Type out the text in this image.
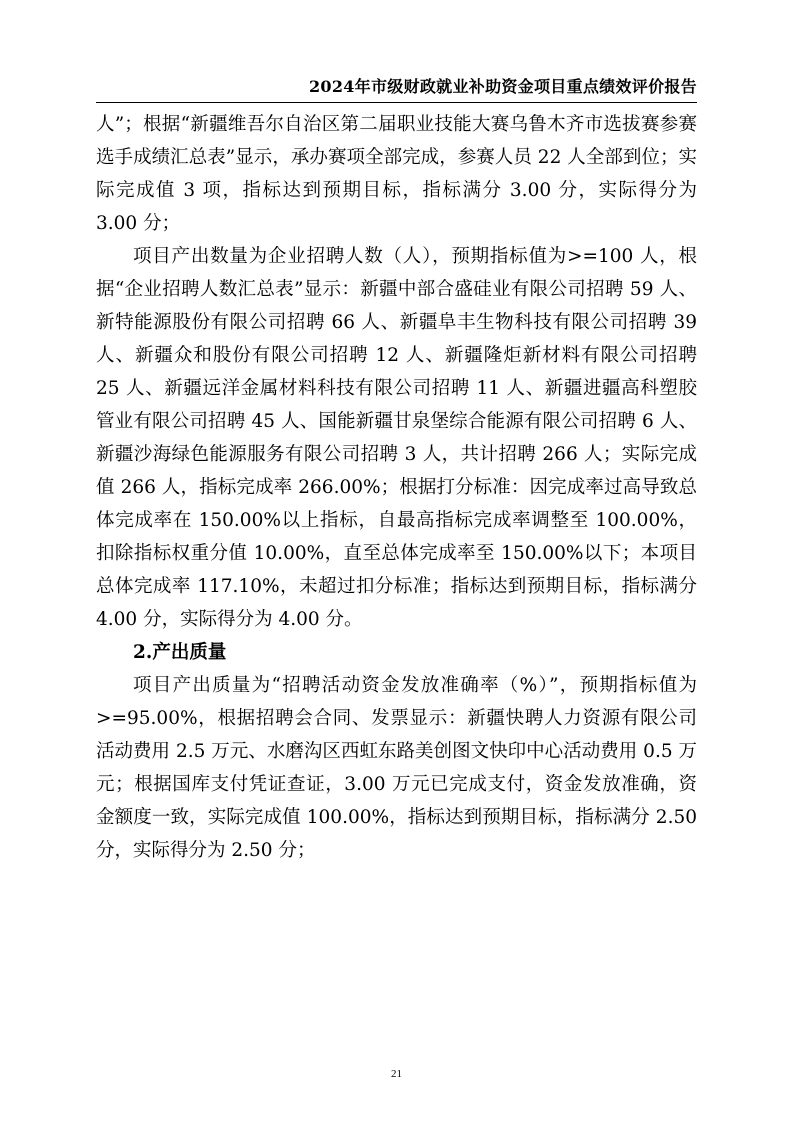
2024年市级财政就业补助资金项目重点绩效评价报告

人”；根据“新疆维吾尔自治区第二届职业技能大赛乌鲁木齐市选拔赛参赛选手成绩汇总表”显示，承办赛项全部完成，参赛人员 22 人全部到位；实际完成值 3 项，指标达到预期目标，指标满分 3.00 分，实际得分为 3.00 分；

项目产出数量为企业招聘人数（人），预期指标值为>=100 人，根据“企业招聘人数汇总表”显示：新疆中部合盛硅业有限公司招聘 59 人、新特能源股份有限公司招聘 66 人、新疆阜丰生物科技有限公司招聘 39 人、新疆众和股份有限公司招聘 12 人、新疆隆炬新材料有限公司招聘 25 人、新疆远洋金属材料科技有限公司招聘 11 人、新疆进疆高科塑胶管业有限公司招聘 45 人、国能新疆甘泉堡综合能源有限公司招聘 6 人、新疆沙海绿色能源服务有限公司招聘 3 人，共计招聘 266 人；实际完成值 266 人，指标完成率 266.00%；根据打分标准：因完成率过高导致总体完成率在 150.00%以上指标，自最高指标完成率调整至 100.00%，扣除指标权重分值 10.00%，直至总体完成率至 150.00%以下；本项目总体完成率 117.10%，未超过扣分标准；指标达到预期目标，指标满分 4.00 分，实际得分为 4.00 分。

2.产出质量

项目产出质量为“招聘活动资金发放准确率（%）”，预期指标值为>=95.00%，根据招聘会合同、发票显示：新疆快聘人力资源有限公司活动费用 2.5 万元、水磨沟区西虹东路美创图文快印中心活动费用 0.5 万元；根据国库支付凭证查证，3.00 万元已完成支付，资金发放准确，资金额度一致，实际完成值 100.00%，指标达到预期目标，指标满分 2.50 分，实际得分为 2.50 分；

21
